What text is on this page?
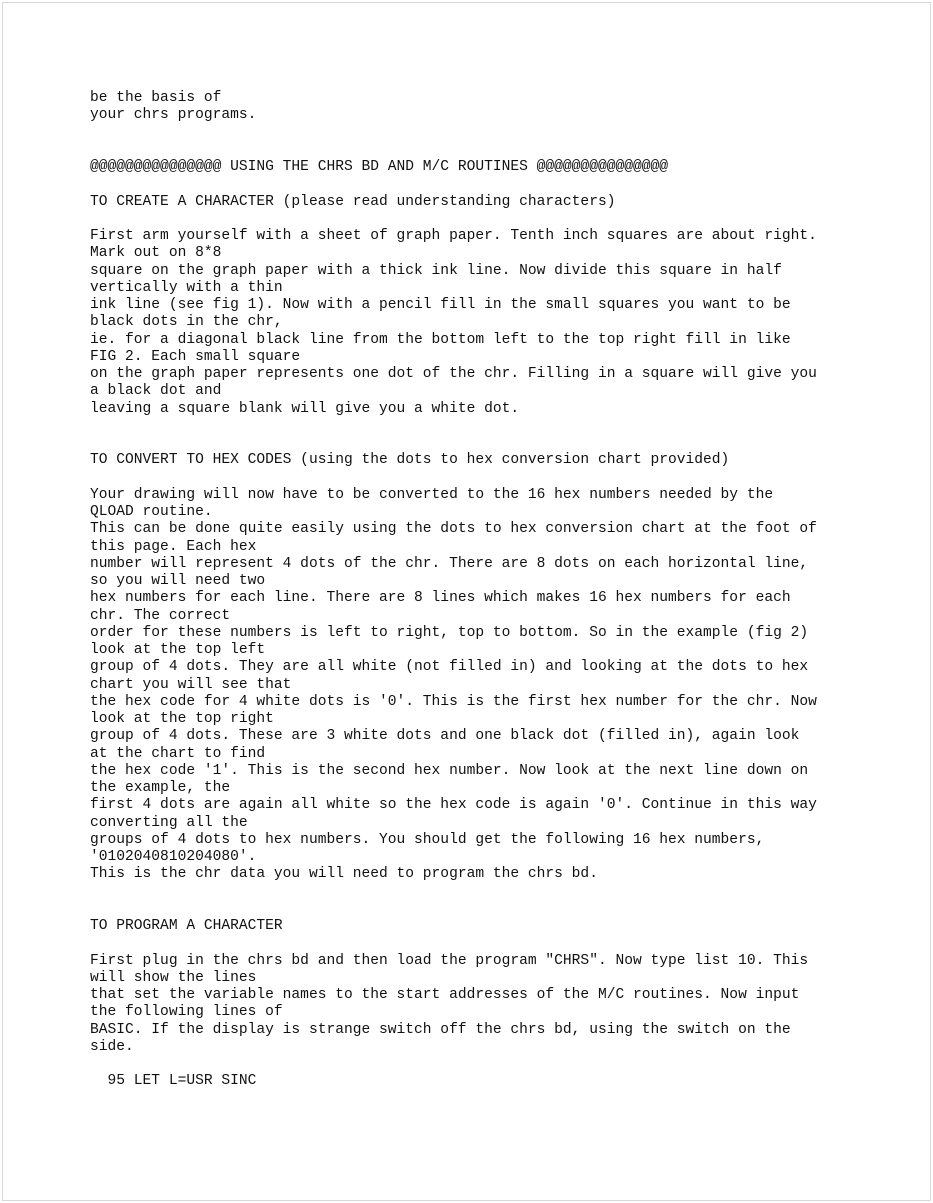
be the basis of
your chrs programs.
@@@@@@@@@@@@@@@ USING THE CHRS BD AND M/C ROUTINES @@@@@@@@@@@@@@@
TO CREATE A CHARACTER (please read understanding characters)
First arm yourself with a sheet of graph paper. Tenth inch squares are about right.
Mark out on 8*8
square on the graph paper with a thick ink line. Now divide this square in half
vertically with a thin
ink line (see fig 1). Now with a pencil fill in the small squares you want to be
black dots in the chr,
ie. for a diagonal black line from the bottom left to the top right fill in like
FIG 2. Each small square
on the graph paper represents one dot of the chr. Filling in a square will give you
a black dot and
leaving a square blank will give you a white dot.
TO CONVERT TO HEX CODES (using the dots to hex conversion chart provided)
Your drawing will now have to be converted to the 16 hex numbers needed by the
QLOAD routine.
This can be done quite easily using the dots to hex conversion chart at the foot of
this page. Each hex
number will represent 4 dots of the chr. There are 8 dots on each horizontal line,
so you will need two
hex numbers for each line. There are 8 lines which makes 16 hex numbers for each
chr. The correct
order for these numbers is left to right, top to bottom. So in the example (fig 2)
look at the top left
group of 4 dots. They are all white (not filled in) and looking at the dots to hex
chart you will see that
the hex code for 4 white dots is '0'. This is the first hex number for the chr. Now
look at the top right
group of 4 dots. These are 3 white dots and one black dot (filled in), again look
at the chart to find
the hex code '1'. This is the second hex number. Now look at the next line down on
the example, the
first 4 dots are again all white so the hex code is again '0'. Continue in this way
converting all the
groups of 4 dots to hex numbers. You should get the following 16 hex numbers,
'0102040810204080'.
This is the chr data you will need to program the chrs bd.
TO PROGRAM A CHARACTER
First plug in the chrs bd and then load the program "CHRS". Now type list 10. This
will show the lines
that set the variable names to the start addresses of the M/C routines. Now input
the following lines of
BASIC. If the display is strange switch off the chrs bd, using the switch on the
side.
95 LET L=USR SINC
